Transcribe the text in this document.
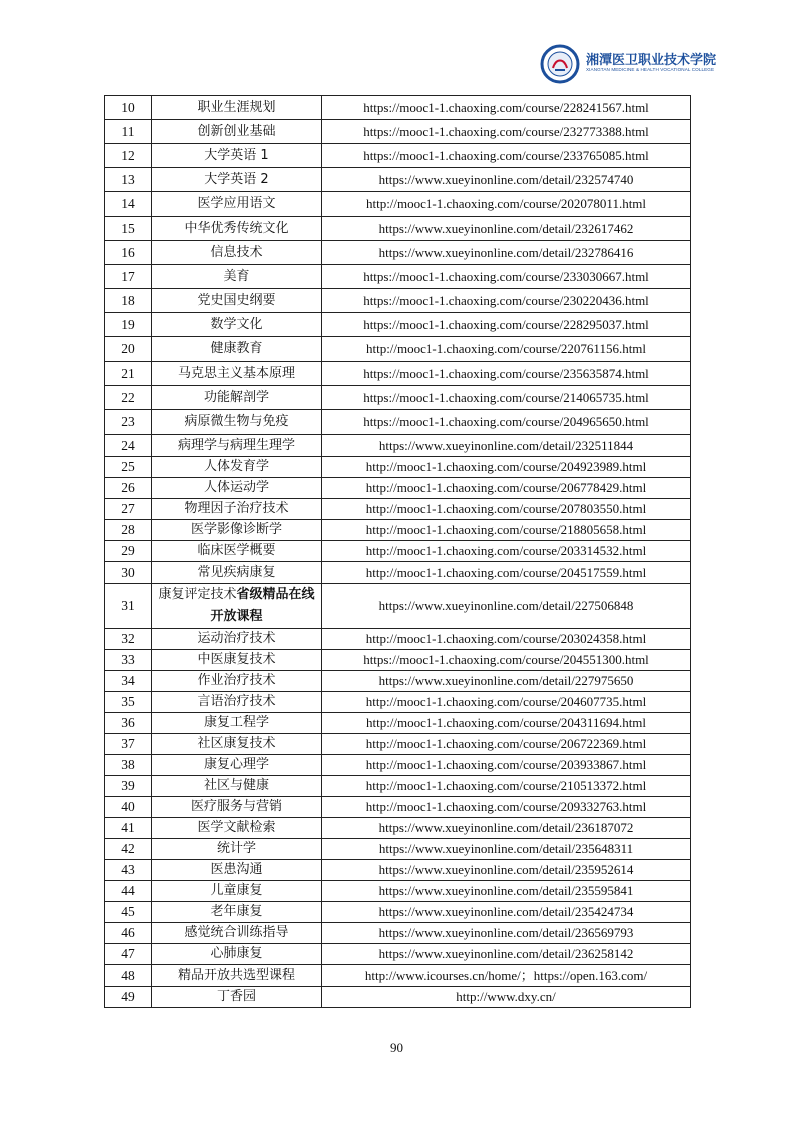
湘潭医卫职业技术学院
XIANGTAN MEDICINE & HEALTH VOCATIONAL COLLEGE
10	职业生涯规划	https://mooc1-1.chaoxing.com/course/228241567.html
11	创新创业基础	https://mooc1-1.chaoxing.com/course/232773388.html
12	大学英语 1	https://mooc1-1.chaoxing.com/course/233765085.html
13	大学英语 2	https://www.xueyinonline.com/detail/232574740
14	医学应用语文	http://mooc1-1.chaoxing.com/course/202078011.html
15	中华优秀传统文化	https://www.xueyinonline.com/detail/232617462
16	信息技术	https://www.xueyinonline.com/detail/232786416
17	美育	https://mooc1-1.chaoxing.com/course/233030667.html
18	党史国史纲要	https://mooc1-1.chaoxing.com/course/230220436.html
19	数学文化	https://mooc1-1.chaoxing.com/course/228295037.html
20	健康教育	http://mooc1-1.chaoxing.com/course/220761156.html
21	马克思主义基本原理	https://mooc1-1.chaoxing.com/course/235635874.html
22	功能解剖学	https://mooc1-1.chaoxing.com/course/214065735.html
23	病原微生物与免疫	https://mooc1-1.chaoxing.com/course/204965650.html
24	病理学与病理生理学	https://www.xueyinonline.com/detail/232511844
25	人体发育学	http://mooc1-1.chaoxing.com/course/204923989.html
26	人体运动学	http://mooc1-1.chaoxing.com/course/206778429.html
27	物理因子治疗技术	http://mooc1-1.chaoxing.com/course/207803550.html
28	医学影像诊断学	http://mooc1-1.chaoxing.com/course/218805658.html
29	临床医学概要	http://mooc1-1.chaoxing.com/course/203314532.html
30	常见疾病康复	http://mooc1-1.chaoxing.com/course/204517559.html
31	康复评定技术省级精品在线开放课程	https://www.xueyinonline.com/detail/227506848
32	运动治疗技术	http://mooc1-1.chaoxing.com/course/203024358.html
33	中医康复技术	https://mooc1-1.chaoxing.com/course/204551300.html
34	作业治疗技术	https://www.xueyinonline.com/detail/227975650
35	言语治疗技术	http://mooc1-1.chaoxing.com/course/204607735.html
36	康复工程学	http://mooc1-1.chaoxing.com/course/204311694.html
37	社区康复技术	http://mooc1-1.chaoxing.com/course/206722369.html
38	康复心理学	http://mooc1-1.chaoxing.com/course/203933867.html
39	社区与健康	http://mooc1-1.chaoxing.com/course/210513372.html
40	医疗服务与营销	http://mooc1-1.chaoxing.com/course/209332763.html
41	医学文献检索	https://www.xueyinonline.com/detail/236187072
42	统计学	https://www.xueyinonline.com/detail/235648311
43	医患沟通	https://www.xueyinonline.com/detail/235952614
44	儿童康复	https://www.xueyinonline.com/detail/235595841
45	老年康复	https://www.xueyinonline.com/detail/235424734
46	感觉统合训练指导	https://www.xueyinonline.com/detail/236569793
47	心肺康复	https://www.xueyinonline.com/detail/236258142
48	精品开放共选型课程	http://www.icourses.cn/home/；https://open.163.com/
49	丁香园	http://www.dxy.cn/
90
